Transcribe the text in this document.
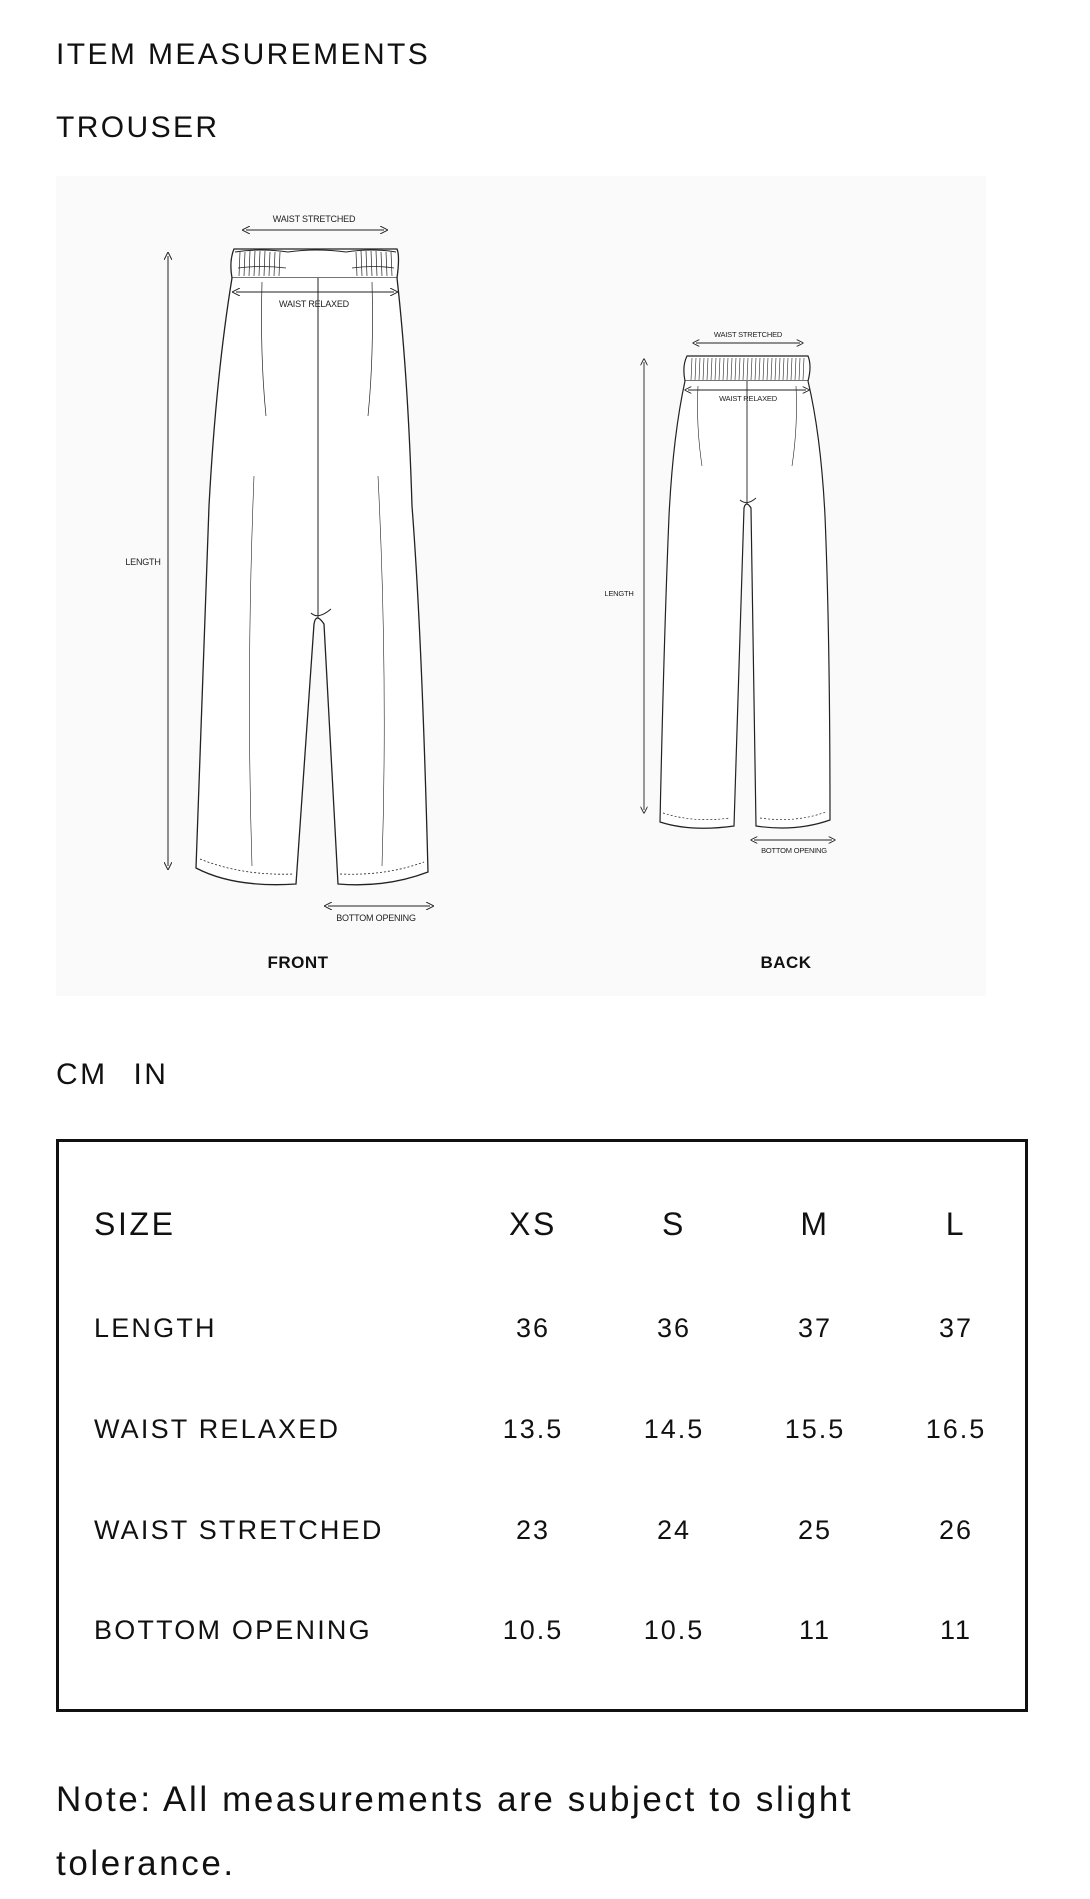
ITEM MEASUREMENTS
TROUSER
WAIST STRETCHED
WAIST RELAXED
LENGTH
BOTTOM OPENING
WAIST STRETCHED
WAIST RELAXED
LENGTH
BOTTOM OPENING
FRONT	BACK
CM IN
SIZE	XS	S	M	L
LENGTH	36	36	37	37
WAIST RELAXED	13.5	14.5	15.5	16.5
WAIST STRETCHED	23	24	25	26
BOTTOM OPENING	10.5	10.5	11	11

Note: All measurements are subject to slight tolerance.
